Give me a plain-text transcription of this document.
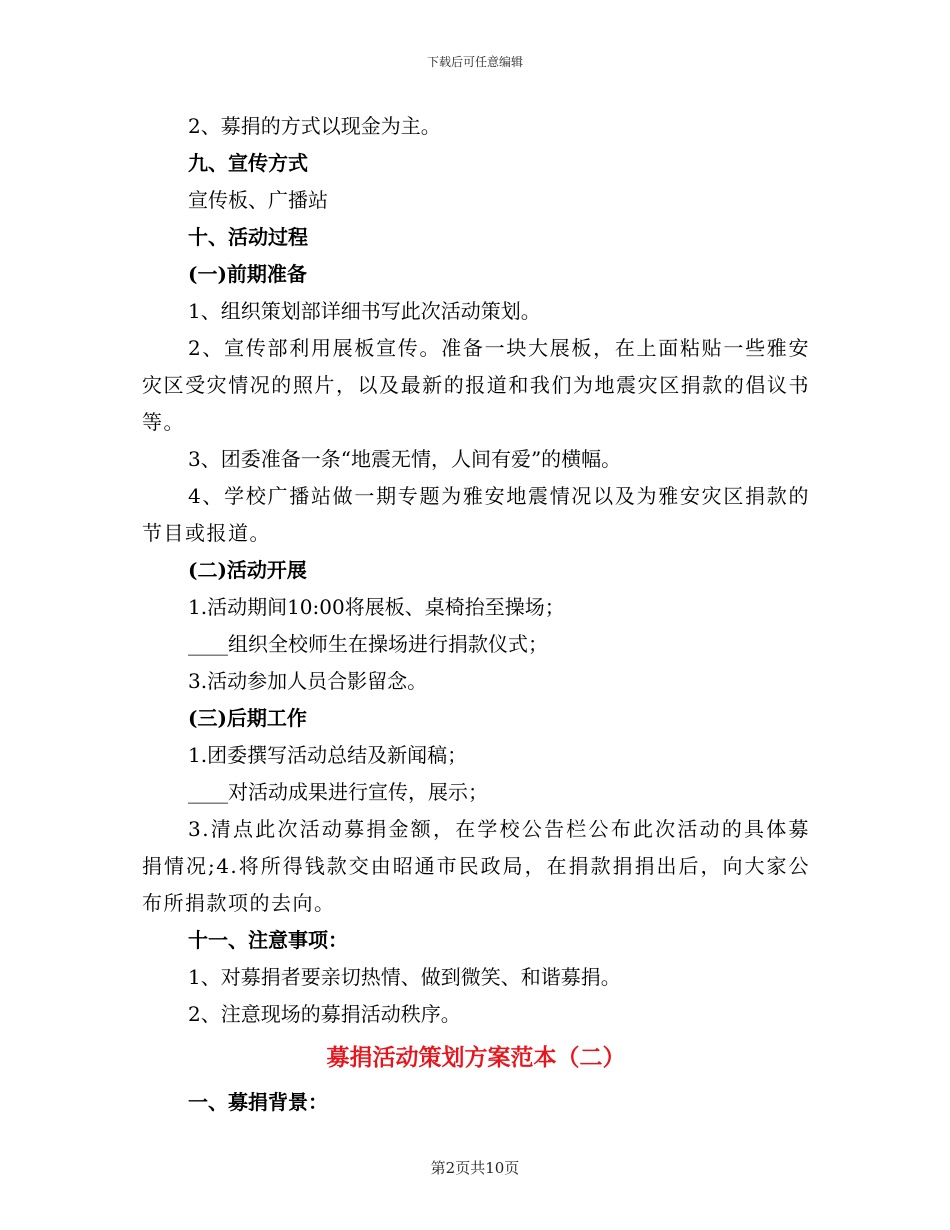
下载后可任意编辑

2、募捐的方式以现金为主。

九、宣传方式

宣传板、广播站

十、活动过程

(一)前期准备

1、组织策划部详细书写此次活动策划。

2、宣传部利用展板宣传。准备一块大展板，在上面粘贴一些雅安灾区受灾情况的照片，以及最新的报道和我们为地震灾区捐款的倡议书等。

3、团委准备一条“地震无情，人间有爱”的横幅。

4、学校广播站做一期专题为雅安地震情况以及为雅安灾区捐款的节目或报道。

(二)活动开展

1.活动期间10:00将展板、桌椅抬至操场；

____组织全校师生在操场进行捐款仪式；

3.活动参加人员合影留念。

(三)后期工作

1.团委撰写活动总结及新闻稿；

____对活动成果进行宣传，展示；

3.清点此次活动募捐金额，在学校公告栏公布此次活动的具体募捐情况;4.将所得钱款交由昭通市民政局，在捐款捐捐出后，向大家公布所捐款项的去向。

十一、注意事项：

1、对募捐者要亲切热情、做到微笑、和谐募捐。

2、注意现场的募捐活动秩序。

募捐活动策划方案范本（二）

一、募捐背景：

第2页共10页
